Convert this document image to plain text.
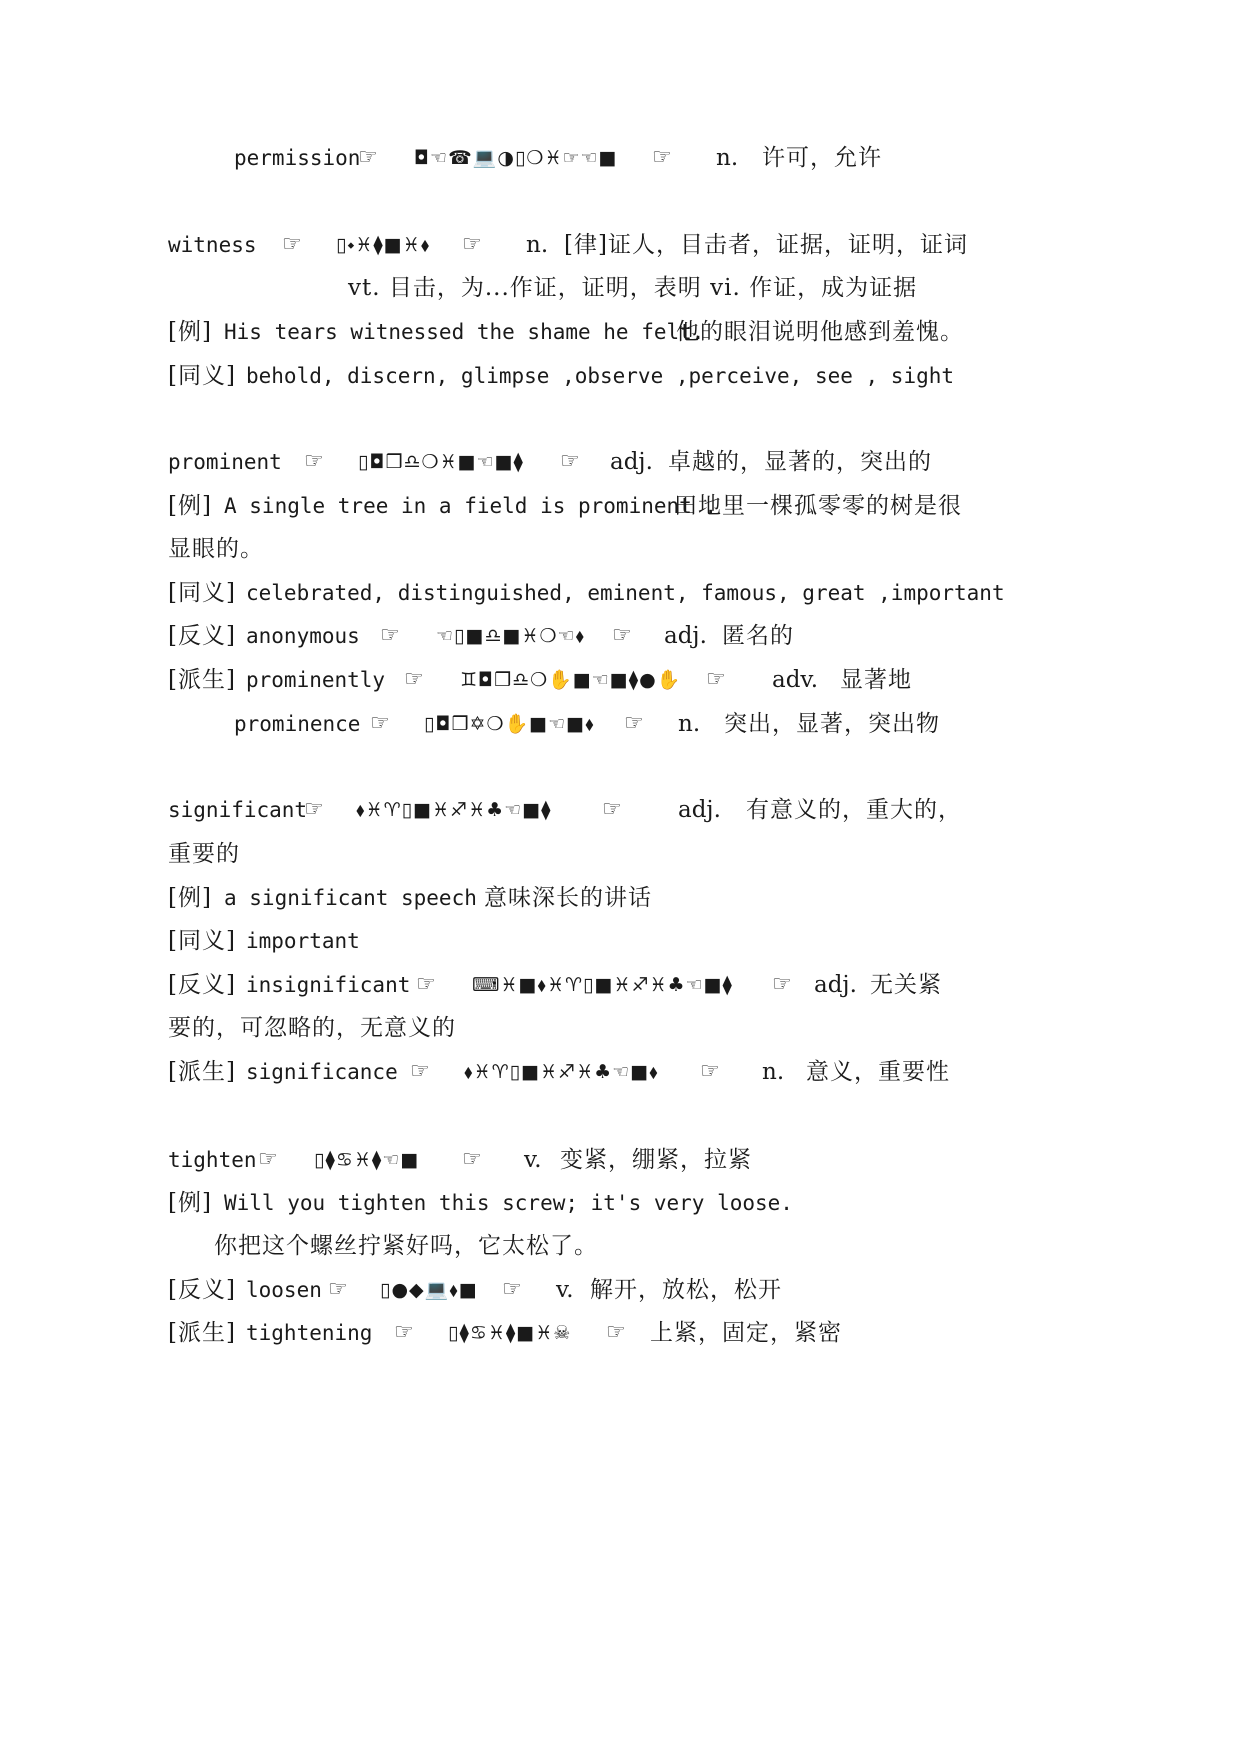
permission
☞ ◘☜☎💻◑▯❍♓☞☜■ ☞ n. 许可，允许
witness ☞ ▯⬩♓⧫■♓⬧ ☞ n. [律]证人，目击者，证据，证明，证词
vt. 目击，为...作证，证明，表明 vi. 作证，成为证据
[例] His tears witnessed the shame he felt.
他的眼泪说明他感到羞愧。
[同义] behold, discern, glimpse ,observe ,perceive, see , sight
prominent ☞ ▯◘❒♎❍♓■☜■⧫ ☞ adj. 卓越的，显著的，突出的
[例] A single tree in a field is prominent .
田地里一棵孤零零的树是很
显眼的。
[同义] celebrated, distinguished, eminent, famous, great ,important
[反义] anonymous ☞ ☜▯■♎■♓❍☜⬧ ☞ adj. 匿名的
[派生] prominently ☞ ♊◘❒♎❍✋■☜■⧫●✋ ☞ adv. 显著地
prominence ☞ ▯◘❒✡❍✋■☜■⬧ ☞ n. 突出，显著，突出物
significant
☞ ⬧♓♈▯■♓♐♓♣☜■⧫ ☞ adj. 有意义的，重大的，
重要的
[例] a significant speech 意味深长的讲话
[同义] important
[反义] insignificant ☞ ⌨♓■⬧♓♈▯■♓♐♓♣☜■⧫ ☞ adj. 无关紧
要的，可忽略的，无意义的
[派生] significance ☞ ⬧♓♈▯■♓♐♓♣☜■⬧ ☞ n. 意义，重要性
tighten ☞ ▯⧫♋♓⧫☜■ ☞ v. 变紧，绷紧，拉紧
[例] Will you tighten this screw; it's very loose.
你把这个螺丝拧紧好吗，它太松了。
[反义] loosen ☞ ▯●◆💻⬧■ ☞ v. 解开，放松，松开
[派生] tightening ☞ ▯⧫♋♓⧫■♓☠ ☞ 上紧，固定，紧密
